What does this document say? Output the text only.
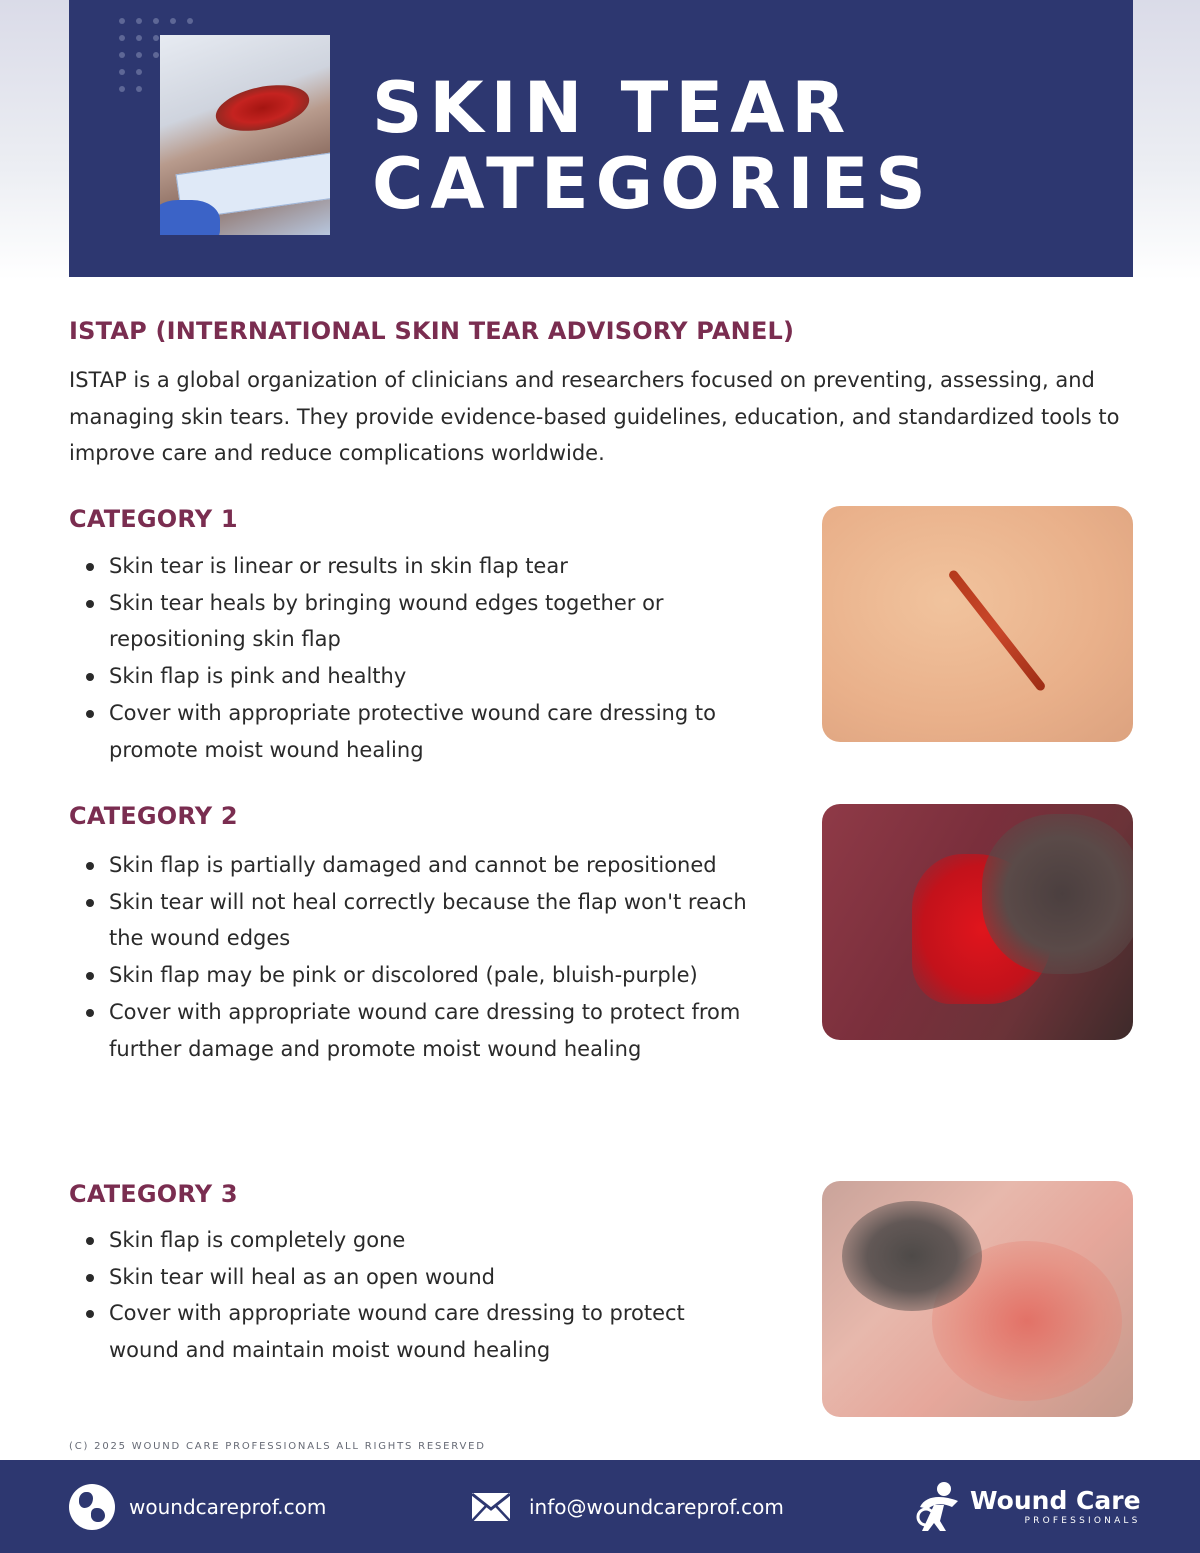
SKIN TEAR
CATEGORIES
ISTAP (INTERNATIONAL SKIN TEAR ADVISORY PANEL)

ISTAP is a global organization of clinicians and researchers focused on preventing, assessing, and managing skin tears. They provide evidence-based guidelines, education, and standardized tools to improve care and reduce complications worldwide.

CATEGORY 1
Skin tear is linear or results in skin flap tear
Skin tear heals by bringing wound edges together or repositioning skin flap
Skin flap is pink and healthy
Cover with appropriate protective wound care dressing to promote moist wound healing
CATEGORY 2
Skin flap is partially damaged and cannot be repositioned
Skin tear will not heal correctly because the flap won't reach the wound edges
Skin flap may be pink or discolored (pale, bluish-purple)
Cover with appropriate wound care dressing to protect from further damage and promote moist wound healing
CATEGORY 3
Skin flap is completely gone
Skin tear will heal as an open wound
Cover with appropriate wound care dressing to protect wound and maintain moist wound healing
(C) 2025 WOUND CARE PROFESSIONALS ALL RIGHTS RESERVED
woundcareprof.com	info@woundcareprof.com	Wound Care
PROFESSIONALS
